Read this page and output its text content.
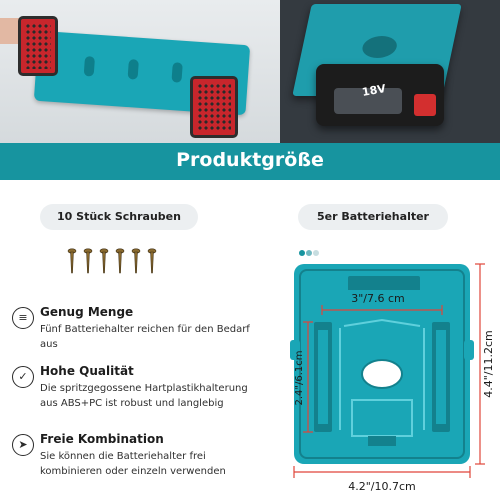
18V
Produktgröße
10 Stück Schrauben	5er Batteriehalter
≡	Genug Menge
Fünf Batteriehalter reichen für den Bedarf aus
✓	Hohe Qualität
Die spritzgegossene Hartplastikhalterung aus ABS+PC ist robust und langlebig
➤	Freie Kombination
Sie können die Batteriehalter frei kombinieren oder einzeln verwenden
3"/7.6 cm
2.4"/6.1cm
4.2"/10.7cm
4.4"/11.2cm
